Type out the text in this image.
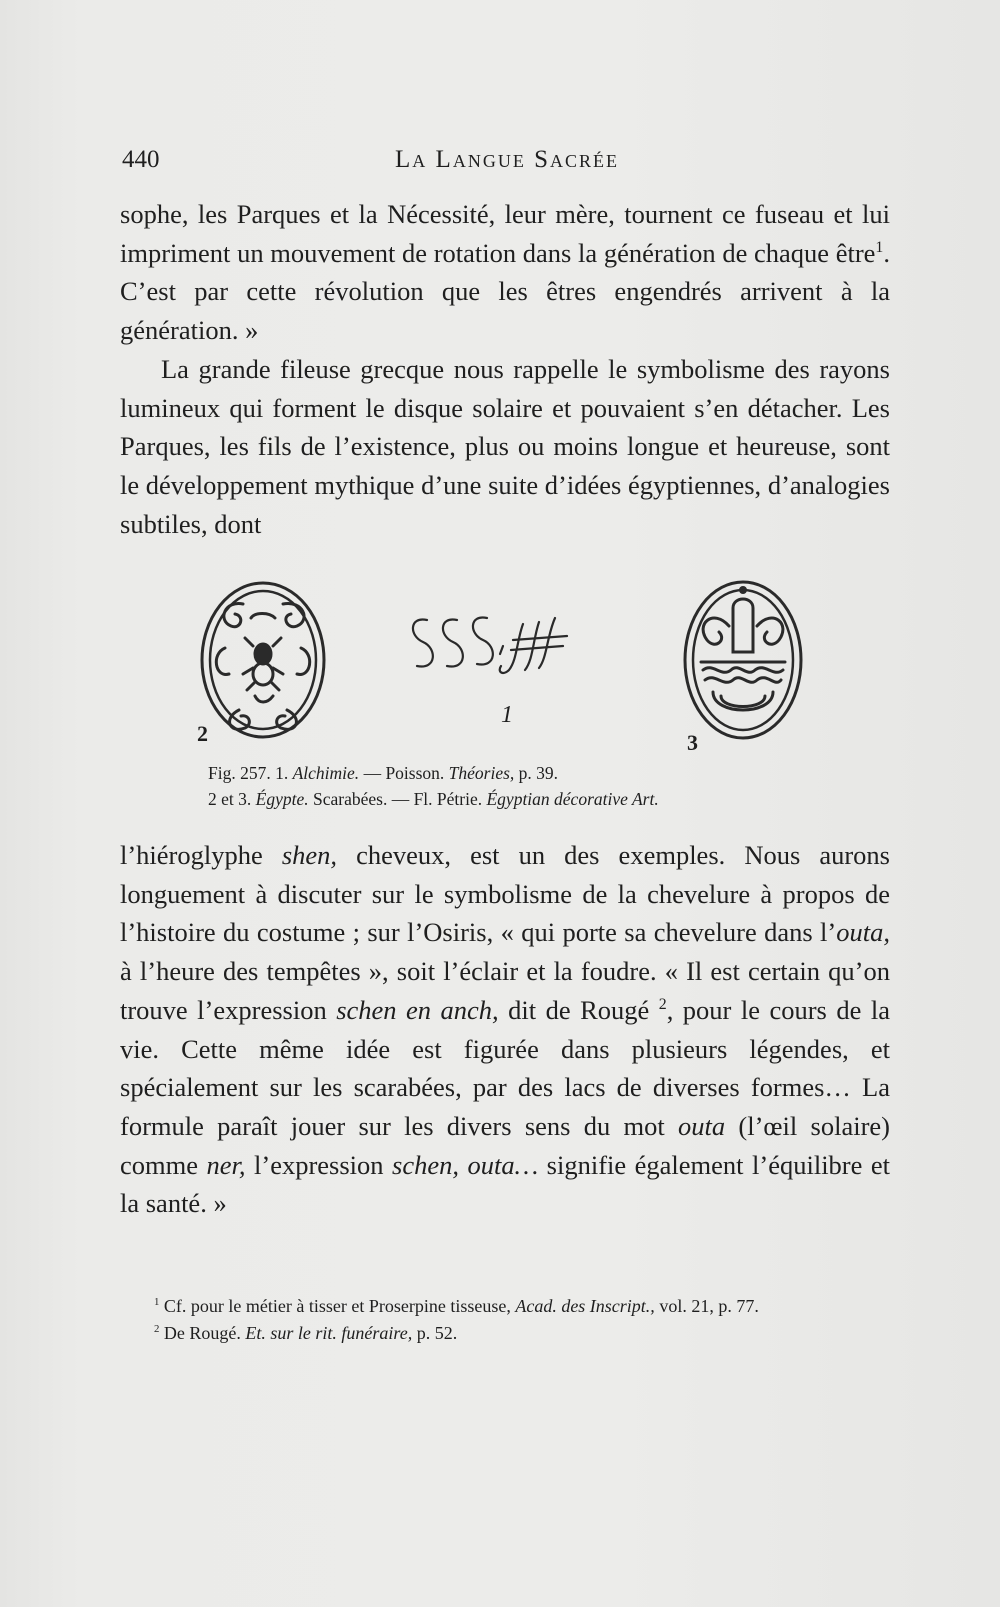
440	La Langue Sacrée

sophe, les Parques et la Nécessité, leur mère, tournent ce fuseau et lui impriment un mouvement de rotation dans la génération de chaque être$^1$. C’est par cette révolution que les êtres engendrés arrivent à la génération. »

La grande fileuse grecque nous rappelle le symbolisme des rayons lumineux qui forment le disque solaire et pouvaient s’en détacher. Les Parques, les fils de l’existence, plus ou moins longue et heureuse, sont le développement mythique d’une suite d’idées égyptiennes, d’analogies subtiles, dont

2
1
3
Fig. 257. 1. Alchimie. — Poisson. Théories, p. 39.
2 et 3. Égypte. Scarabées. — Fl. Pétrie. Égyptian décorative Art.

l’hiéroglyphe shen, cheveux, est un des exemples. Nous aurons longuement à discuter sur le symbolisme de la chevelure à propos de l’histoire du costume ; sur l’Osiris, « qui porte sa chevelure dans l’outa, à l’heure des tempêtes », soit l’éclair et la foudre. « Il est certain qu’on trouve l’expression schen en anch, dit de Rougé $^2$, pour le cours de la vie. Cette même idée est figurée dans plusieurs légendes, et spécialement sur les scarabées, par des lacs de diverses formes… La formule paraît jouer sur les divers sens du mot outa (l’œil solaire) comme ner, l’expression schen, outa… signifie également l’équilibre et la santé. »

$^1$ Cf. pour le métier à tisser et Proserpine tisseuse, Acad. des Inscript., vol. 21, p. 77.

$^2$ De Rougé. Et. sur le rit. funéraire, p. 52.
